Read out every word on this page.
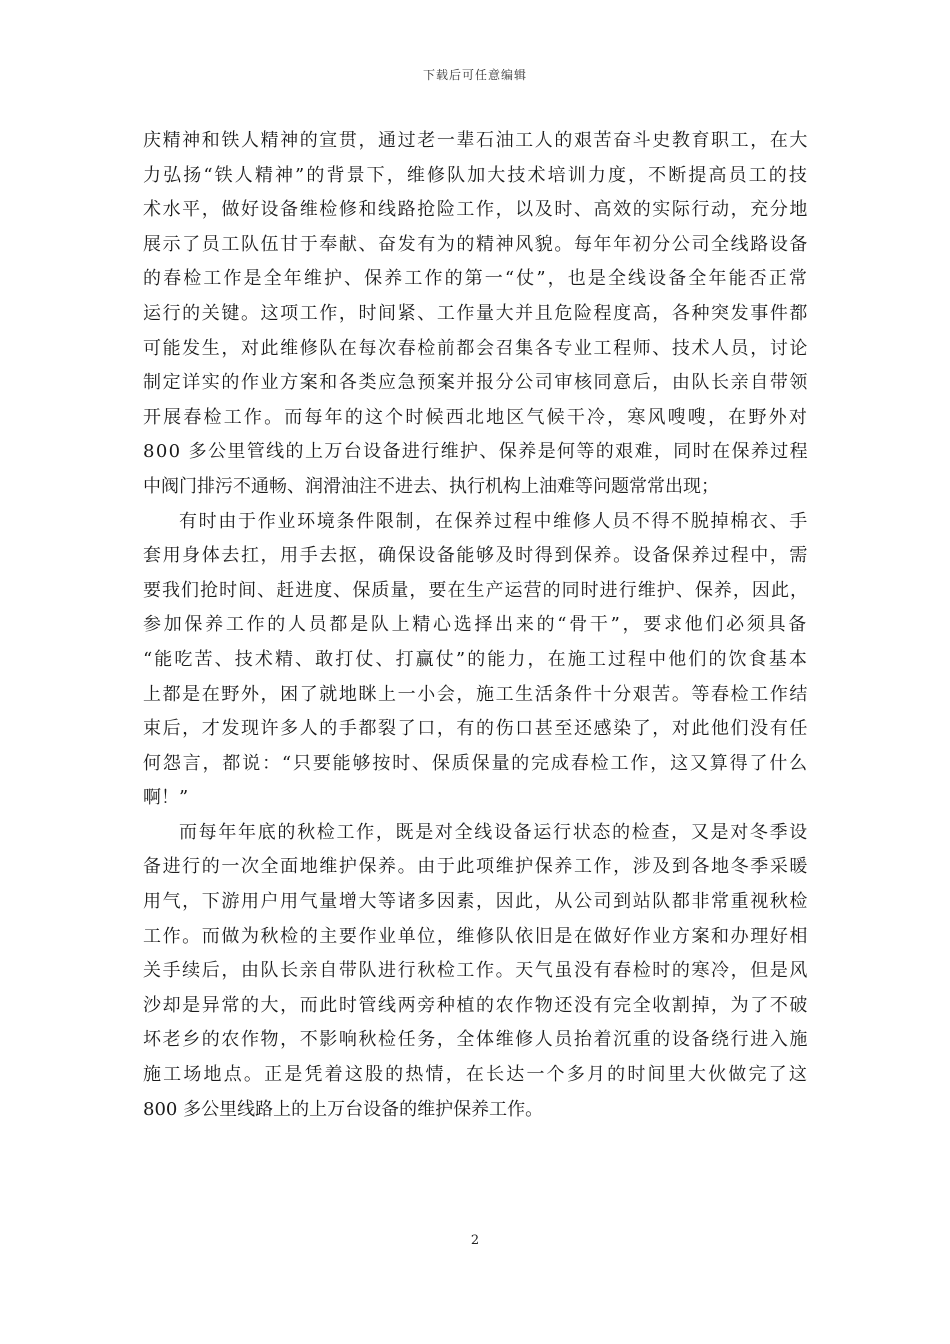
下载后可任意编辑
庆精神和铁人精神的宣贯，通过老一辈石油工人的艰苦奋斗史教育职工，在大
力弘扬“铁人精神”的背景下，维修队加大技术培训力度，不断提高员工的技
术水平，做好设备维检修和线路抢险工作，以及时、高效的实际行动，充分地
展示了员工队伍甘于奉献、奋发有为的精神风貌。每年年初分公司全线路设备
的春检工作是全年维护、保养工作的第一“仗”，也是全线设备全年能否正常
运行的关键。这项工作，时间紧、工作量大并且危险程度高，各种突发事件都
可能发生，对此维修队在每次春检前都会召集各专业工程师、技术人员，讨论
制定详实的作业方案和各类应急预案并报分公司审核同意后，由队长亲自带领
开展春检工作。而每年的这个时候西北地区气候干冷，寒风嗖嗖，在野外对
800 多公里管线的上万台设备进行维护、保养是何等的艰难，同时在保养过程
中阀门排污不通畅、润滑油注不进去、执行机构上油难等问题常常出现；
有时由于作业环境条件限制，在保养过程中维修人员不得不脱掉棉衣、手
套用身体去扛，用手去抠，确保设备能够及时得到保养。设备保养过程中，需
要我们抢时间、赶进度、保质量，要在生产运营的同时进行维护、保养，因此，
参加保养工作的人员都是队上精心选择出来的“骨干”，要求他们必须具备
“能吃苦、技术精、敢打仗、打赢仗”的能力，在施工过程中他们的饮食基本
上都是在野外，困了就地眯上一小会，施工生活条件十分艰苦。等春检工作结
束后，才发现许多人的手都裂了口，有的伤口甚至还感染了，对此他们没有任
何怨言，都说：“只要能够按时、保质保量的完成春检工作，这又算得了什么
啊！”
而每年年底的秋检工作，既是对全线设备运行状态的检查，又是对冬季设
备进行的一次全面地维护保养。由于此项维护保养工作，涉及到各地冬季采暖
用气，下游用户用气量增大等诸多因素，因此，从公司到站队都非常重视秋检
工作。而做为秋检的主要作业单位，维修队依旧是在做好作业方案和办理好相
关手续后，由队长亲自带队进行秋检工作。天气虽没有春检时的寒冷，但是风
沙却是异常的大，而此时管线两旁种植的农作物还没有完全收割掉，为了不破
坏老乡的农作物，不影响秋检任务，全体维修人员抬着沉重的设备绕行进入施
施工场地点。正是凭着这股的热情，在长达一个多月的时间里大伙做完了这
800 多公里线路上的上万台设备的维护保养工作。
2
